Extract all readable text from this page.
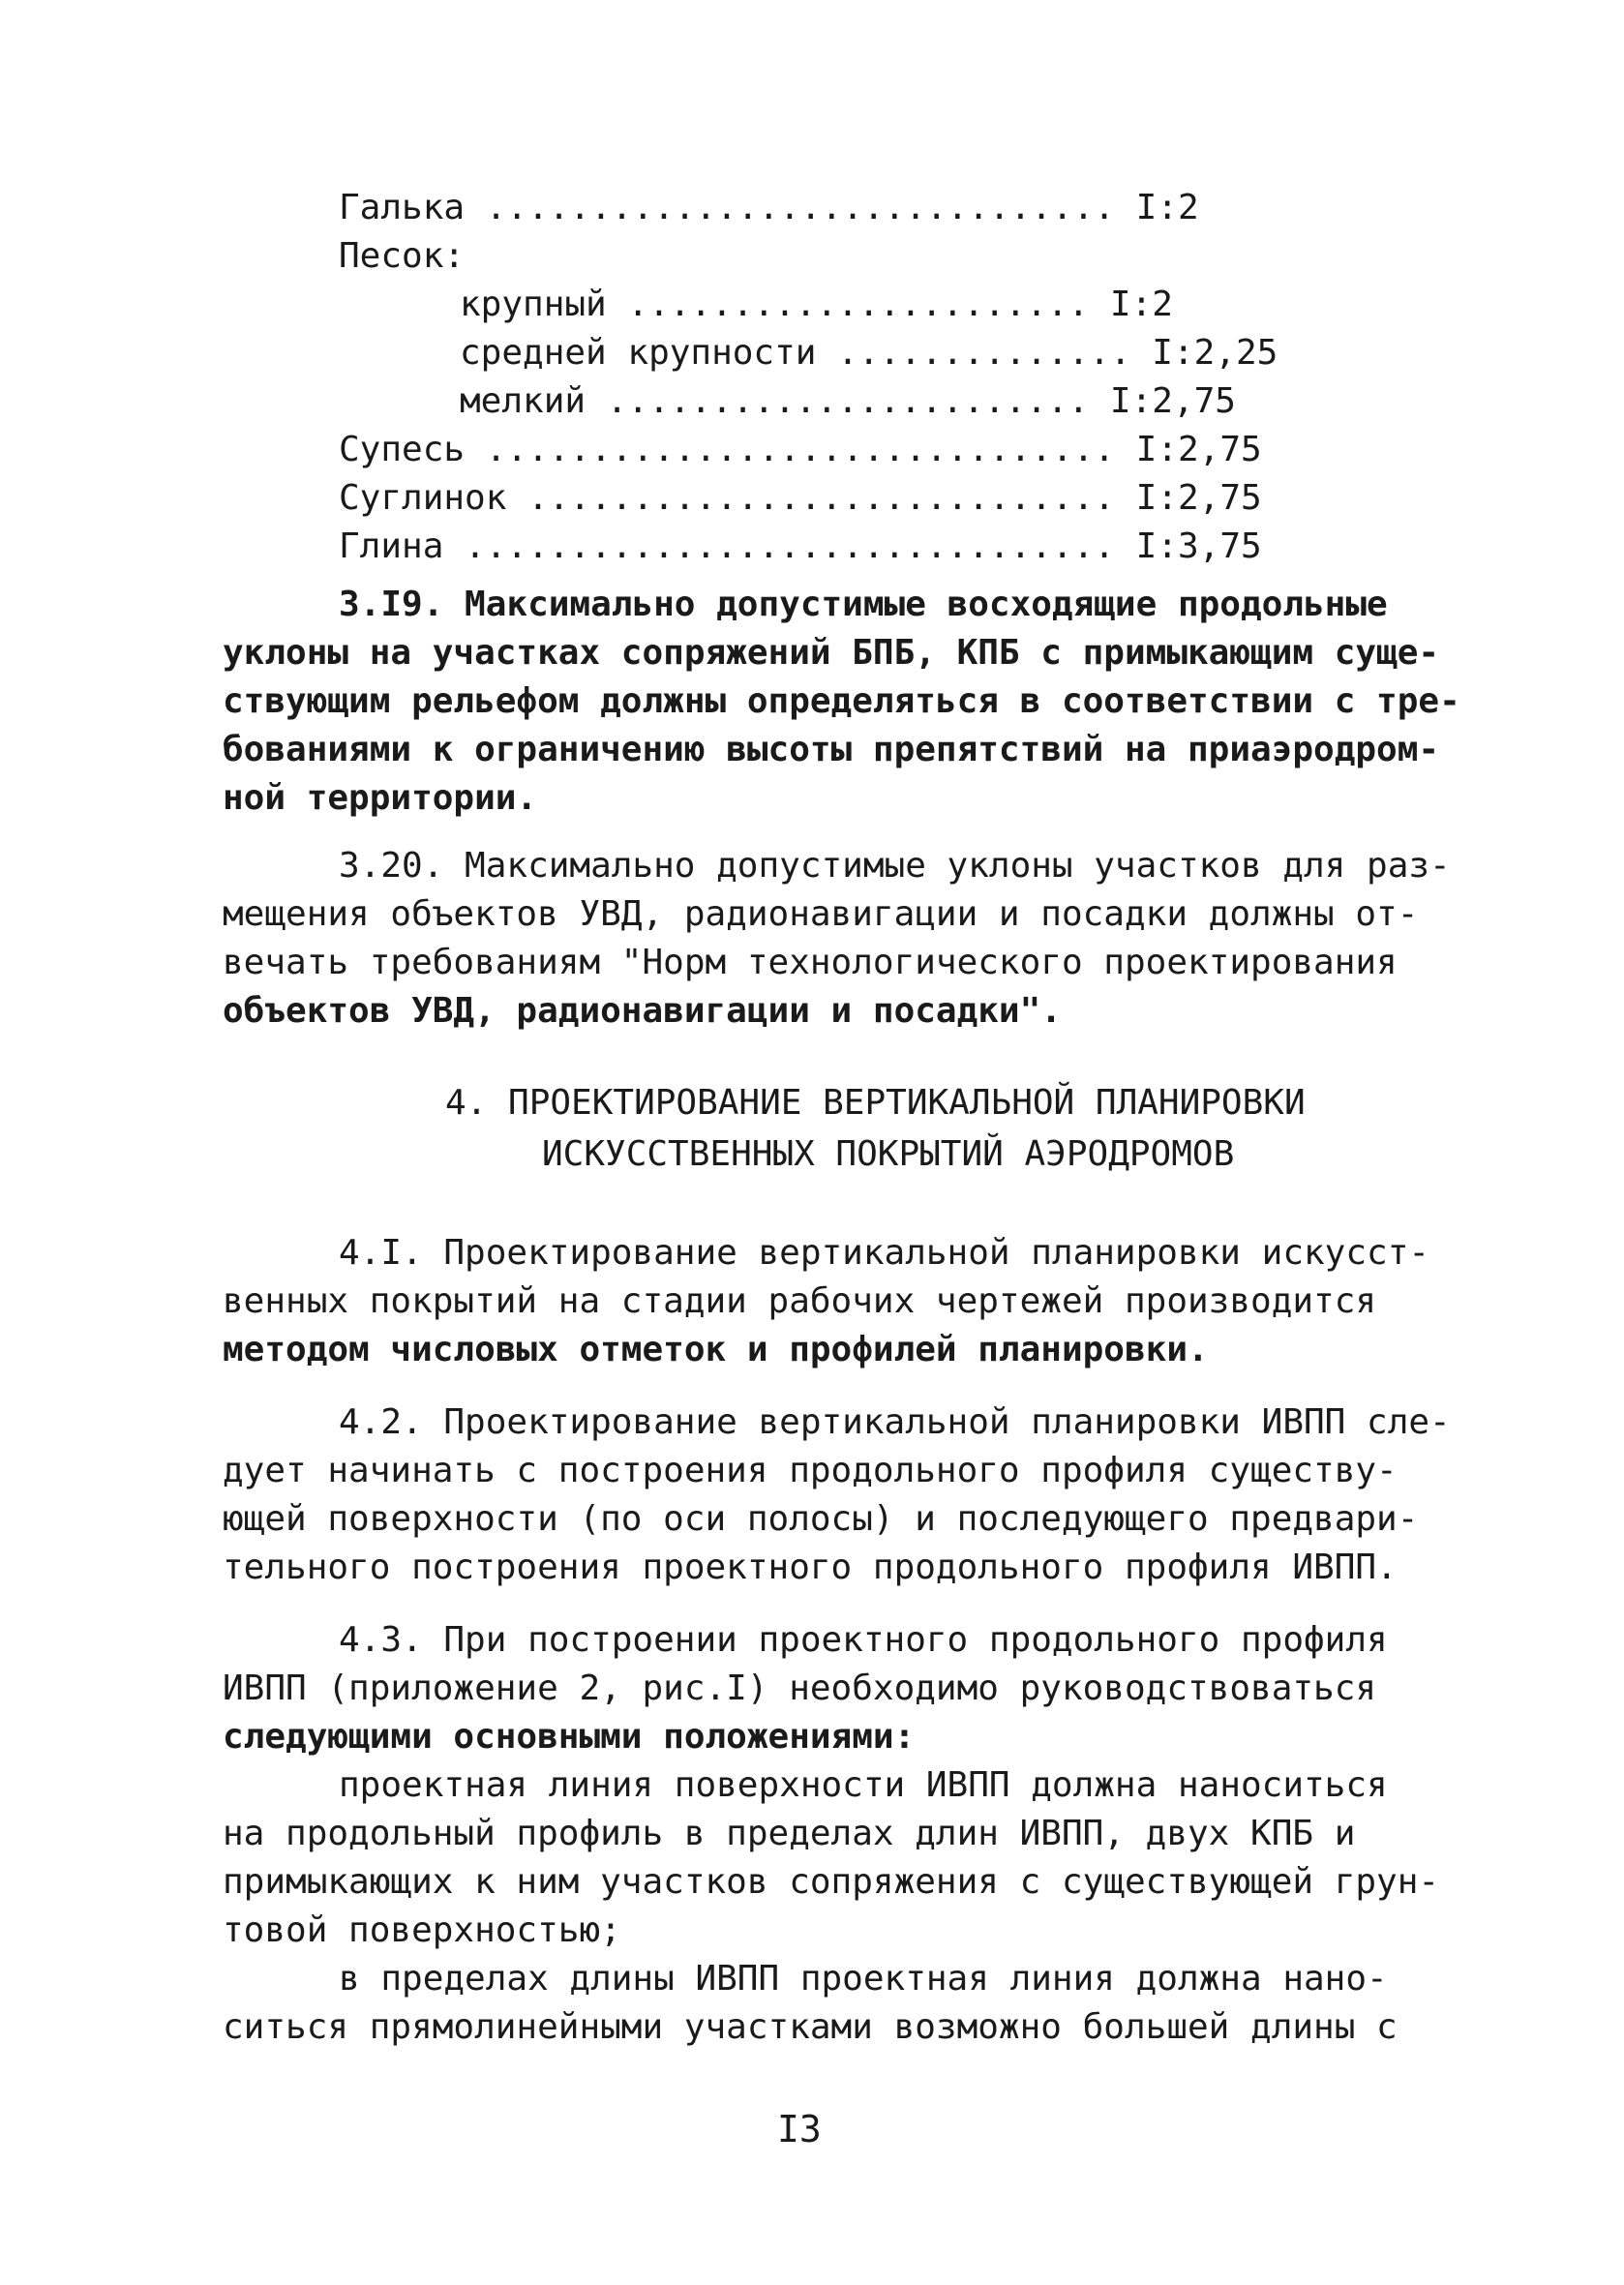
Галька .............................. I:2
Песок:
крупный ...................... I:2
средней крупности .............. I:2,25
мелкий ....................... I:2,75
Супесь .............................. I:2,75
Суглинок ............................ I:2,75
Глина ............................... I:3,75
3.I9. Максимально допустимые восходящие продольные
уклоны на участках сопряжений БПБ, КПБ с примыкающим суще-
ствующим рельефом должны определяться в соответствии с тре-
бованиями к ограничению высоты препятствий на приаэродром-
ной территории.
3.20. Максимально допустимые уклоны участков для раз-
мещения объектов УВД, радионавигации и посадки должны от-
вечать требованиям "Норм технологического проектирования
объектов УВД, радионавигации и посадки".
4. ПРОЕКТИРОВАНИЕ ВЕРТИКАЛЬНОЙ ПЛАНИРОВКИ
ИСКУССТВЕННЫХ ПОКРЫТИЙ АЭРОДРОМОВ
4.I. Проектирование вертикальной планировки искусст-
венных покрытий на стадии рабочих чертежей производится
методом числовых отметок и профилей планировки.
4.2. Проектирование вертикальной планировки ИВПП сле-
дует начинать с построения продольного профиля существу-
ющей поверхности (по оси полосы) и последующего предвари-
тельного построения проектного продольного профиля ИВПП.
4.3. При построении проектного продольного профиля
ИВПП (приложение 2, рис.I) необходимо руководствоваться
следующими основными положениями:
проектная линия поверхности ИВПП должна наноситься
на продольный профиль в пределах длин ИВПП, двух КПБ и
примыкающих к ним участков сопряжения с существующей грун-
товой поверхностью;
в пределах длины ИВПП проектная линия должна нано-
ситься прямолинейными участками возможно большей длины с
I3
